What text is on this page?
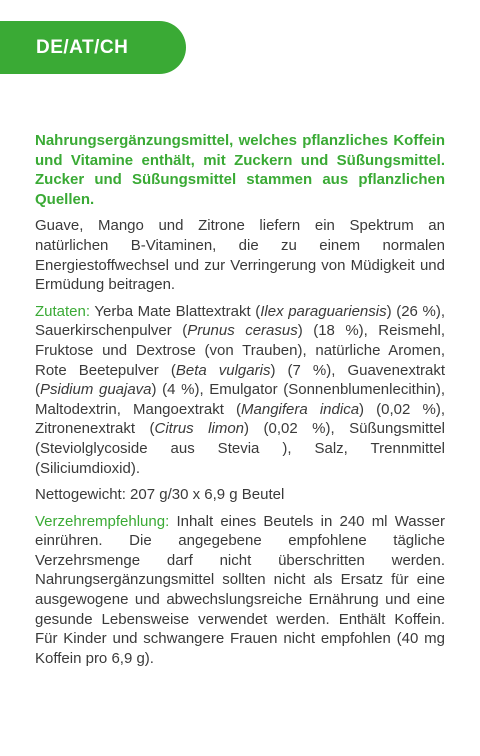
DE/AT/CH

Nahrungsergänzungsmittel, welches pflanzliches Koffein und Vitamine enthält, mit Zuckern und Süßungsmittel. Zucker und Süßungsmittel stammen aus pflanzlichen Quellen.

Guave, Mango und Zitrone liefern ein Spektrum an natürlichen B-Vitaminen, die zu einem normalen Energiestoffwechsel und zur Verringerung von Müdigkeit und Ermüdung beitragen.

Zutaten: Yerba Mate Blattextrakt (Ilex paraguariensis) (26 %), Sauerkirschenpulver (Prunus cerasus) (18 %), Reismehl, Fruktose und Dextrose (von Trauben), natürliche Aromen, Rote Beetepulver (Beta vulgaris) (7 %), Guavenextrakt (Psidium guajava) (4 %), Emulgator (Sonnenblumenlecithin), Maltodextrin, Mangoextrakt (Mangifera indica) (0,02 %), Zitronenextrakt (Citrus limon) (0,02 %), Süßungsmittel (Steviolglycoside aus Stevia ), Salz, Trennmittel (Siliciumdioxid).

Nettogewicht: 207 g/30 x 6,9 g Beutel

Verzehrempfehlung: Inhalt eines Beutels in 240 ml Wasser einrühren. Die angegebene empfohlene tägliche Verzehrsmenge darf nicht überschritten werden. Nahrungsergänzungsmittel sollten nicht als Ersatz für eine ausgewogene und abwechslungsreiche Ernährung und eine gesunde Lebensweise verwendet werden. Enthält Koffein. Für Kinder und schwangere Frauen nicht empfohlen (40 mg Koffein pro 6,9 g).
